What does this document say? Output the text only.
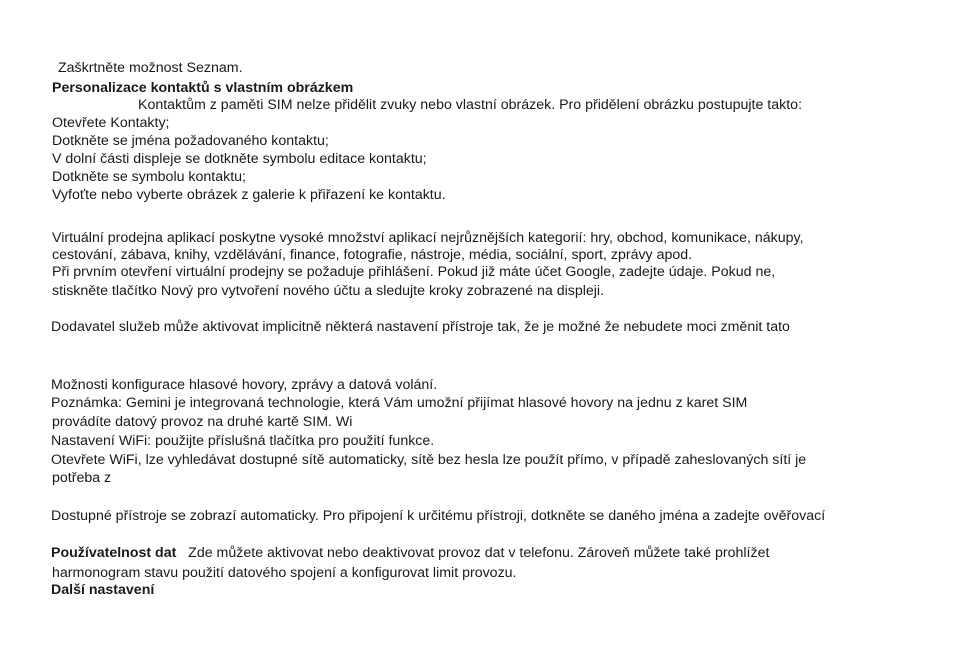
Zaškrtněte možnost Seznam.
Personalizace kontaktů s vlastním obrázkem
Kontaktům z paměti SIM nelze přidělit zvuky nebo vlastní obrázek. Pro přidělení obrázku postupujte takto:
Otevřete Kontakty;
Dotkněte se jména požadovaného kontaktu;
V dolní části displeje se dotkněte symbolu editace kontaktu;
Dotkněte se symbolu kontaktu;
Vyfoťte nebo vyberte obrázek z galerie k přiřazení ke kontaktu.
Virtuální prodejna aplikací poskytne vysoké množství aplikací nejrůznějších kategorií: hry, obchod, komunikace, nákupy,
cestování, zábava, knihy, vzdělávání, finance, fotografie, nástroje, média, sociální, sport, zprávy apod.
Při prvním otevření virtuální prodejny se požaduje přihlášení. Pokud již máte účet Google, zadejte údaje. Pokud ne,
stiskněte tlačítko Nový pro vytvoření nového účtu a sledujte kroky zobrazené na displeji.
Dodavatel služeb může aktivovat implicitně některá nastavení přístroje tak, že je možné že nebudete moci změnit tato
Možnosti konfigurace hlasové hovory, zprávy a datová volání.
Poznámka: Gemini je integrovaná technologie, která Vám umožní přijímat hlasové hovory na jednu z karet SIM
provádíte datový provoz na druhé kartě SIM. Wi
Nastavení WiFi: použijte příslušná tlačítka pro použití funkce.
Otevřete WiFi, lze vyhledávat dostupné sítě automaticky, sítě bez hesla lze použít přímo, v případě zaheslovaných sítí je
potřeba z
Dostupné přístroje se zobrazí automaticky. Pro připojení k určitému přístroji, dotkněte se daného jména a zadejte ověřovací
Používatelnost dat Zde můžete aktivovat nebo deaktivovat provoz dat v telefonu. Zároveň můžete také prohlížet
harmonogram stavu použití datového spojení a konfigurovat limit provozu.
Další nastavení
